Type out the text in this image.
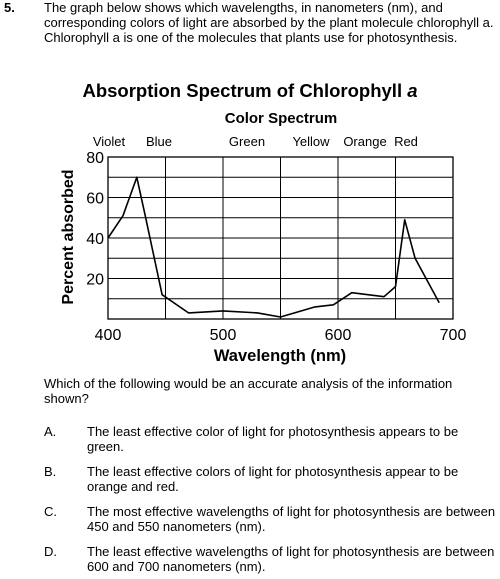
5. The graph below shows which wavelengths, in nanometers (nm), and corresponding colors of light are absorbed by the plant molecule chlorophyll a. Chlorophyll a is one of the molecules that plants use for photosynthesis.
Absorption Spectrum of Chlorophyll a
Color Spectrum
Violet Blue	Green Yellow Orange Red
20
40
60
80
400	500	600	700
Wavelength (nm)
Percent absorbed
Which of the following would be an accurate analysis of the information shown?
A. The least effective color of light for photosynthesis appears to be green.
B. The least effective colors of light for photosynthesis appear to be orange and red.
C. The most effective wavelengths of light for photosynthesis are between 450 and 550 nanometers (nm).
D. The least effective wavelengths of light for photosynthesis are between 600 and 700 nanometers (nm).
